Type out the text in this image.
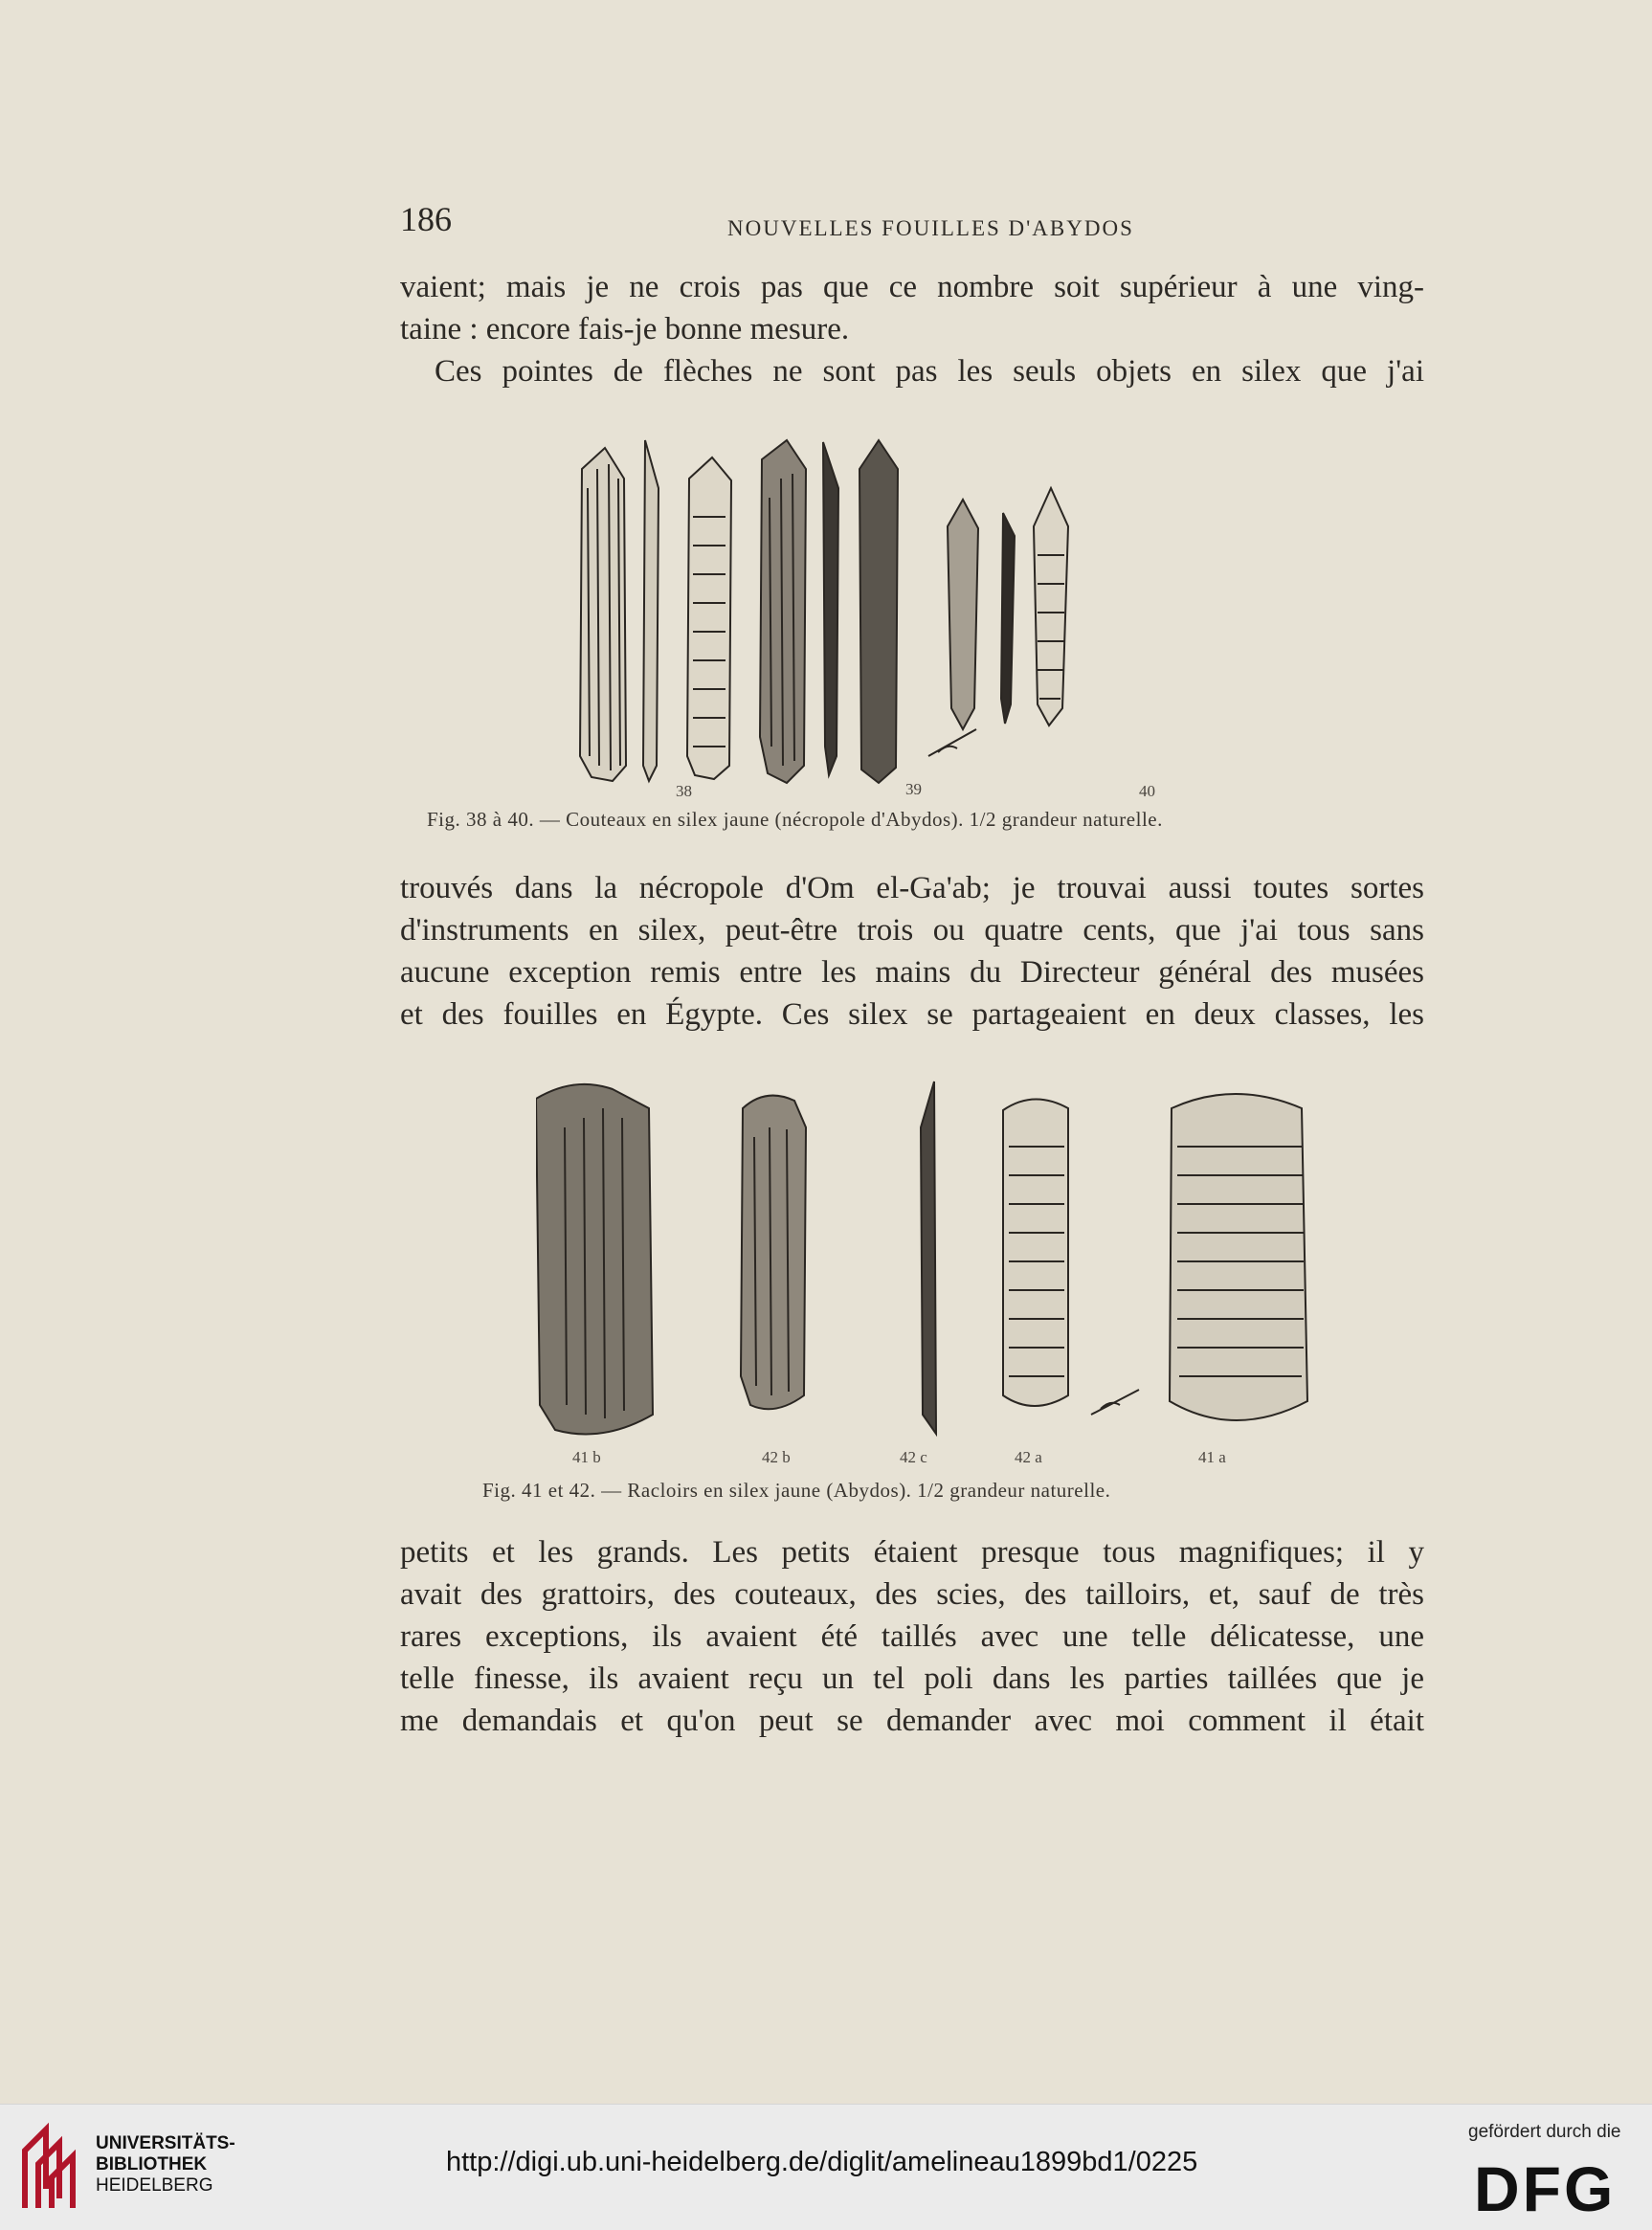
186	NOUVELLES FOUILLES D'ABYDOS
vaient; mais je ne crois pas que ce nombre soit supérieur à une ving-
taine : encore fais-je bonne mesure.
Ces pointes de flèches ne sont pas les seuls objets en silex que j'ai
38	39	40
Fig. 38 à 40. — Couteaux en silex jaune (nécropole d'Abydos). 1/2 grandeur naturelle.
trouvés dans la nécropole d'Om el-Ga'ab; je trouvai aussi toutes sortes
d'instruments en silex, peut-être trois ou quatre cents, que j'ai tous sans
aucune exception remis entre les mains du Directeur général des musées
et des fouilles en Égypte. Ces silex se partageaient en deux classes, les
41 b	42 b	42 c	42 a	41 a
Fig. 41 et 42. — Racloirs en silex jaune (Abydos). 1/2 grandeur naturelle.
petits et les grands. Les petits étaient presque tous magnifiques; il y
avait des grattoirs, des couteaux, des scies, des tailloirs, et, sauf de très
rares exceptions, ils avaient été taillés avec une telle délicatesse, une
telle finesse, ils avaient reçu un tel poli dans les parties taillées que je
me demandais et qu'on peut se demander avec moi comment il était
UNIVERSITÄTS-
BIBLIOTHEK
HEIDELBERG
http://digi.ub.uni-heidelberg.de/diglit/amelineau1899bd1/0225
gefördert durch die
DFG
